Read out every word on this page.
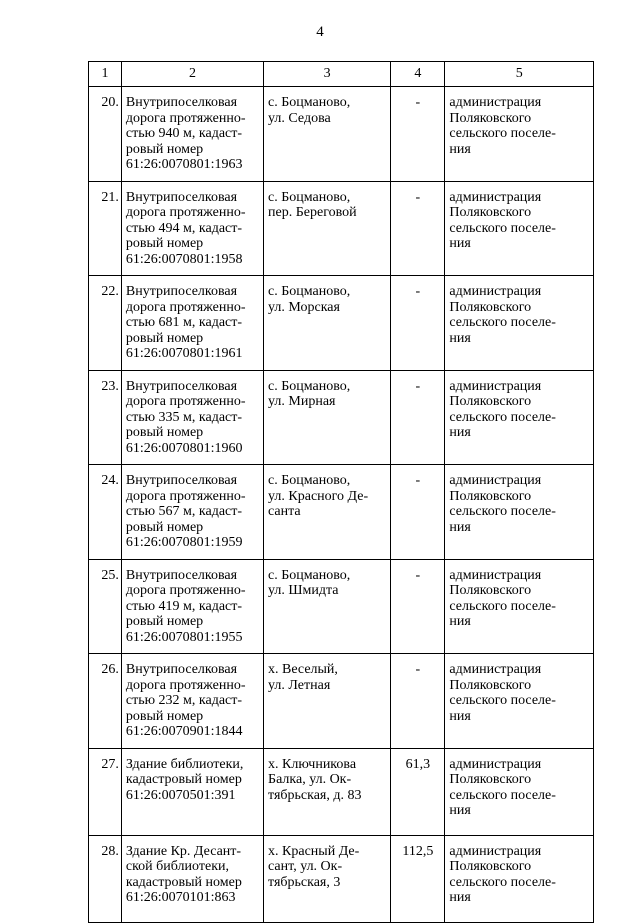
4
1	2	3	4	5
20.	Внутрипоселковая
дорога протяженно-
стью 940 м, кадаст-
ровый номер
61:26:0070801:1963	с. Боцманово,
ул. Седова	-	администрация
Поляковского
сельского поселе-
ния

21.	Внутрипоселковая
дорога протяженно-
стью 494 м, кадаст-
ровый номер
61:26:0070801:1958	с. Боцманово,
пер. Береговой	-	администрация
Поляковского
сельского поселе-
ния

22.	Внутрипоселковая
дорога протяженно-
стью 681 м, кадаст-
ровый номер
61:26:0070801:1961	с. Боцманово,
ул. Морская	-	администрация
Поляковского
сельского поселе-
ния

23.	Внутрипоселковая
дорога протяженно-
стью 335 м, кадаст-
ровый номер
61:26:0070801:1960	с. Боцманово,
ул. Мирная	-	администрация
Поляковского
сельского поселе-
ния

24.	Внутрипоселковая
дорога протяженно-
стью 567 м, кадаст-
ровый номер
61:26:0070801:1959	с. Боцманово,
ул. Красного Де-
санта	-	администрация
Поляковского
сельского поселе-
ния

25.	Внутрипоселковая
дорога протяженно-
стью 419 м, кадаст-
ровый номер
61:26:0070801:1955	с. Боцманово,
ул. Шмидта	-	администрация
Поляковского
сельского поселе-
ния

26.	Внутрипоселковая
дорога протяженно-
стью 232 м, кадаст-
ровый номер
61:26:0070901:1844	х. Веселый,
ул. Летная	-	администрация
Поляковского
сельского поселе-
ния

27.	Здание библиотеки,
кадастровый номер
61:26:0070501:391	х. Ключникова
Балка, ул. Ок-
тябрьская, д. 83	61,3	администрация
Поляковского
сельского поселе-
ния

28.	Здание Кр. Десант-
ской библиотеки,
кадастровый номер
61:26:0070101:863	х. Красный Де-
сант, ул. Ок-
тябрьская, 3	112,5	администрация
Поляковского
сельского поселе-
ния
